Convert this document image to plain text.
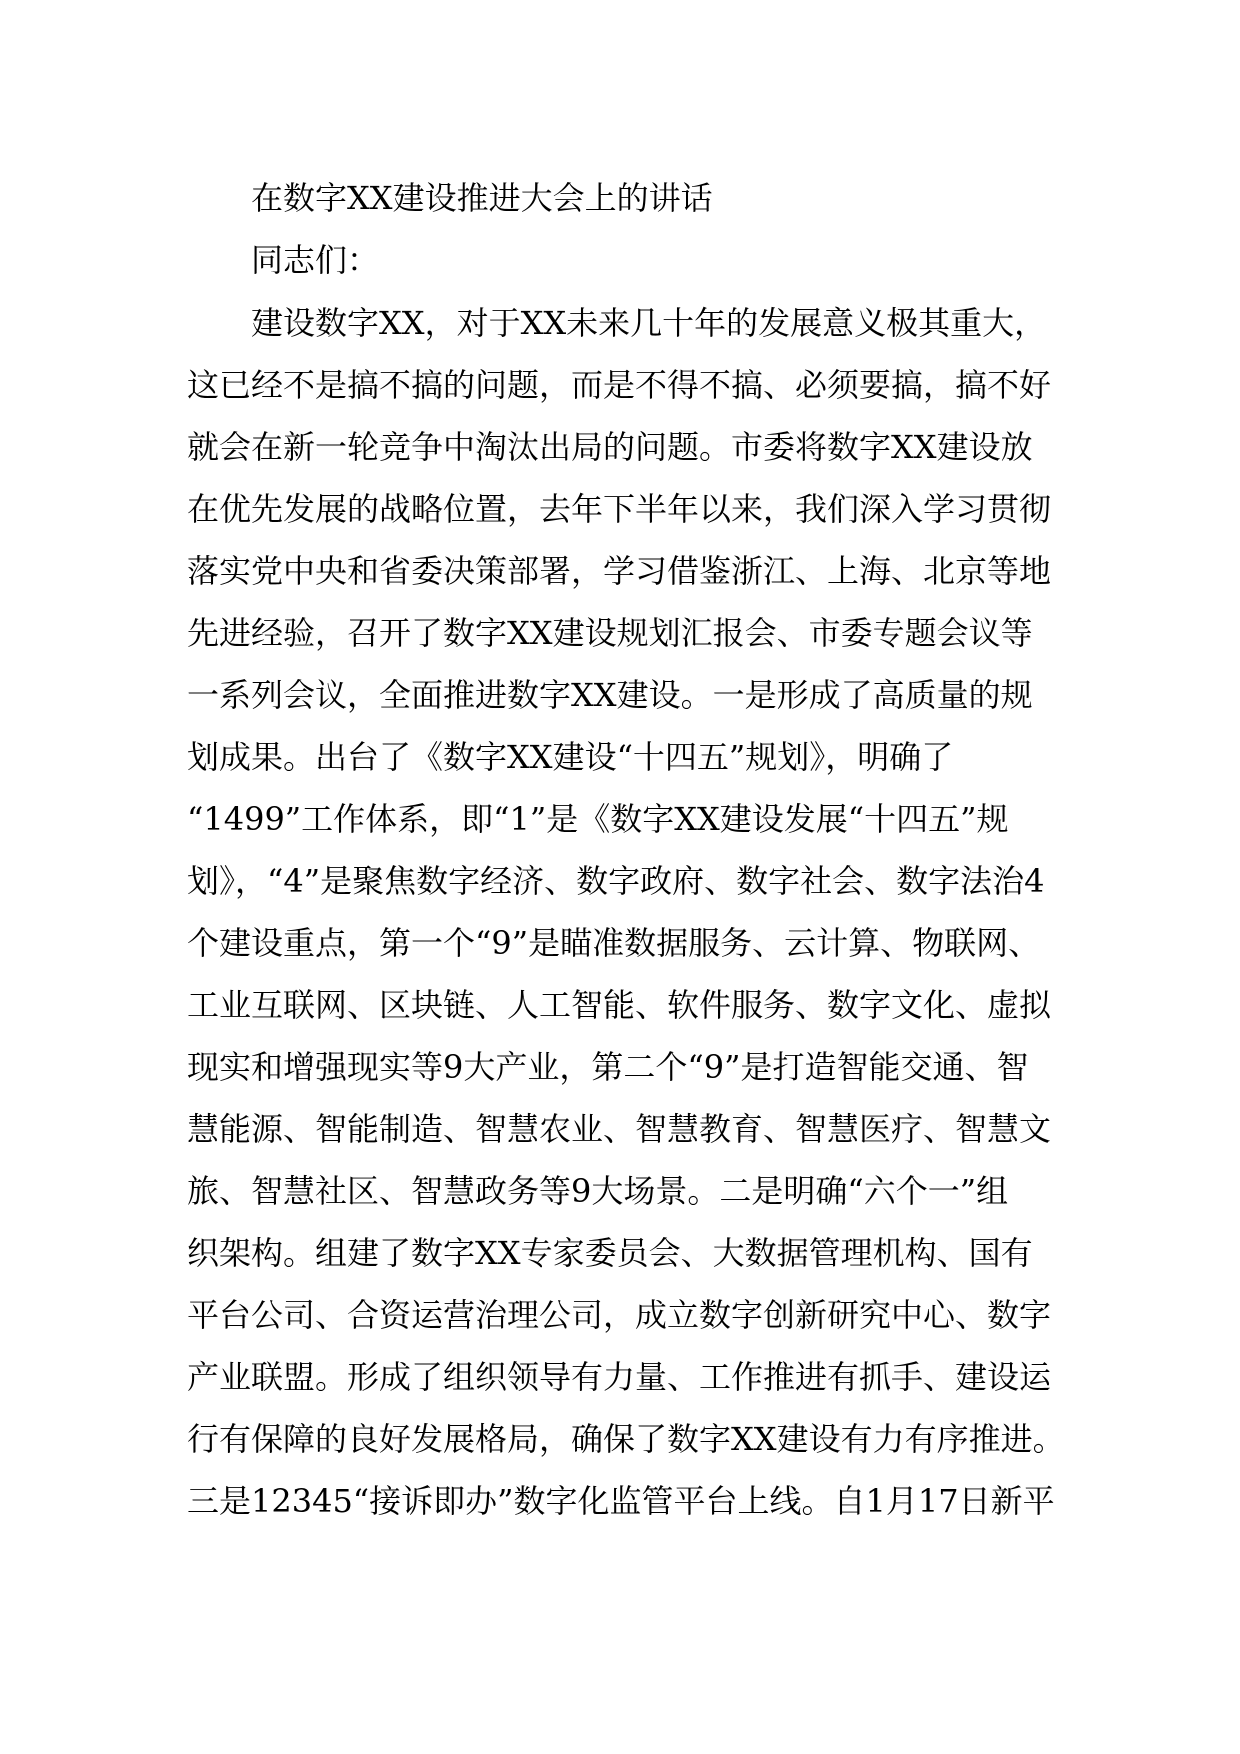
在数字XX建设推进大会上的讲话
同志们：
建设数字XX，对于XX未来几十年的发展意义极其重大，
这已经不是搞不搞的问题，而是不得不搞、必须要搞，搞不好
就会在新一轮竞争中淘汰出局的问题。市委将数字XX建设放
在优先发展的战略位置，去年下半年以来，我们深入学习贯彻
落实党中央和省委决策部署，学习借鉴浙江、上海、北京等地
先进经验，召开了数字XX建设规划汇报会、市委专题会议等
一系列会议，全面推进数字XX建设。一是形成了高质量的规
划成果。出台了《数字XX建设“十四五”规划》，明确了
“1499”工作体系，即“1”是《数字XX建设发展“十四五”规
划》，“4”是聚焦数字经济、数字政府、数字社会、数字法治4
个建设重点，第一个“9”是瞄准数据服务、云计算、物联网、
工业互联网、区块链、人工智能、软件服务、数字文化、虚拟
现实和增强现实等9大产业，第二个“9”是打造智能交通、智
慧能源、智能制造、智慧农业、智慧教育、智慧医疗、智慧文
旅、智慧社区、智慧政务等9大场景。二是明确“六个一”组
织架构。组建了数字XX专家委员会、大数据管理机构、国有
平台公司、合资运营治理公司，成立数字创新研究中心、数字
产业联盟。形成了组织领导有力量、工作推进有抓手、建设运
行有保障的良好发展格局，确保了数字XX建设有力有序推进。
三是12345“接诉即办”数字化监管平台上线。自1月17日新平
